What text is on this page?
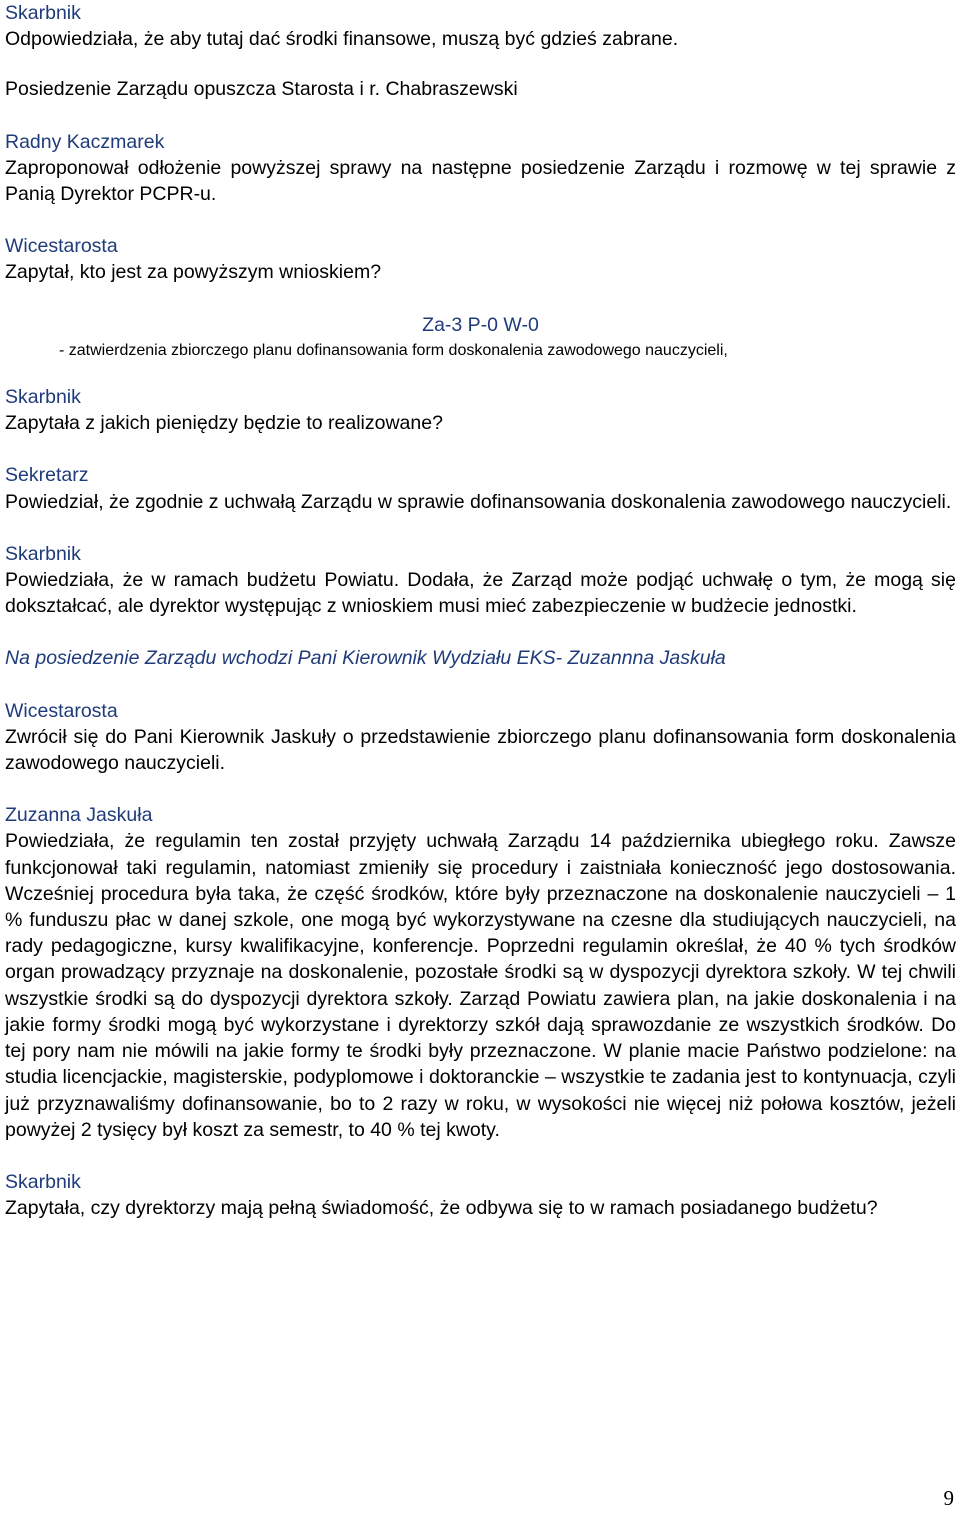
Skarbnik
Odpowiedziała, że aby tutaj dać środki finansowe, muszą być gdzieś zabrane.
Posiedzenie Zarządu opuszcza Starosta i r. Chabraszewski
Radny Kaczmarek
Zaproponował odłożenie powyższej sprawy na następne posiedzenie Zarządu i rozmowę w tej sprawie z Panią Dyrektor PCPR-u.
Wicestarosta
Zapytał, kto jest za powyższym wnioskiem?
Za-3 P-0 W-0
- zatwierdzenia zbiorczego planu dofinansowania form doskonalenia zawodowego nauczycieli,
Skarbnik
Zapytała z jakich pieniędzy będzie to realizowane?
Sekretarz
Powiedział, że zgodnie z uchwałą Zarządu w sprawie dofinansowania doskonalenia zawodowego nauczycieli.
Skarbnik
Powiedziała, że w ramach budżetu Powiatu. Dodała, że Zarząd może podjąć uchwałę o tym, że mogą się dokształcać, ale dyrektor występując z wnioskiem musi mieć zabezpieczenie w budżecie jednostki.
Na posiedzenie Zarządu wchodzi Pani Kierownik Wydziału EKS- Zuzannna Jaskuła
Wicestarosta
Zwrócił się do Pani Kierownik Jaskuły o przedstawienie zbiorczego planu dofinansowania form doskonalenia zawodowego nauczycieli.
Zuzanna Jaskuła
Powiedziała, że regulamin ten został przyjęty uchwałą Zarządu 14 października ubiegłego roku. Zawsze funkcjonował taki regulamin, natomiast zmieniły się procedury i zaistniała konieczność jego dostosowania. Wcześniej procedura była taka, że część środków, które były przeznaczone na doskonalenie nauczycieli – 1 % funduszu płac w danej szkole, one mogą być wykorzystywane na czesne dla studiujących nauczycieli, na rady pedagogiczne, kursy kwalifikacyjne, konferencje. Poprzedni regulamin określał, że 40 % tych środków organ prowadzący przyznaje na doskonalenie, pozostałe środki są w dyspozycji dyrektora szkoły. W tej chwili wszystkie środki są do dyspozycji dyrektora szkoły. Zarząd Powiatu zawiera plan, na jakie doskonalenia i na jakie formy środki mogą być wykorzystane i dyrektorzy szkół dają sprawozdanie ze wszystkich środków. Do tej pory nam nie mówili na jakie formy te środki były przeznaczone. W planie macie Państwo podzielone: na studia licencjackie, magisterskie, podyplomowe i doktoranckie – wszystkie te zadania jest to kontynuacja, czyli już przyznawaliśmy dofinansowanie, bo to 2 razy w roku, w wysokości nie więcej niż połowa kosztów, jeżeli powyżej 2 tysięcy był koszt za semestr, to 40 % tej kwoty.
Skarbnik
Zapytała, czy dyrektorzy mają pełną świadomość, że odbywa się to w ramach posiadanego budżetu?
9
